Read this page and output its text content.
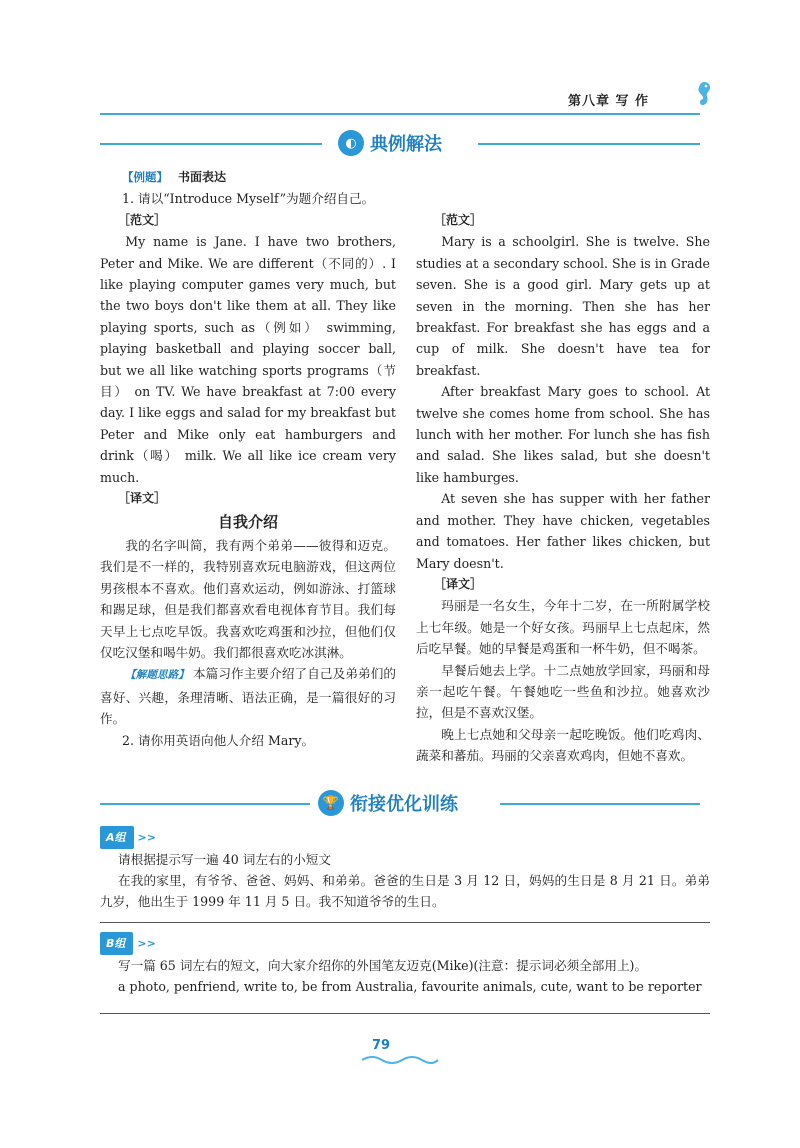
第八章 写 作
◐ 典例解法
【例题】 书面表达
1. 请以“Introduce Myself”为题介绍自己。
［范文］

My name is Jane. I have two brothers, Peter and Mike. We are different（不同的）. I like playing computer games very much, but the two boys don't like them at all. They like playing sports, such as（例如） swimming, playing basketball and playing soccer ball, but we all like watching sports programs（节目） on TV. We have breakfast at 7:00 every day. I like eggs and salad for my breakfast but Peter and Mike only eat hamburgers and drink（喝） milk. We all like ice cream very much.

［译文］
自我介绍

我的名字叫简，我有两个弟弟——彼得和迈克。我们是不一样的，我特别喜欢玩电脑游戏，但这两位男孩根本不喜欢。他们喜欢运动，例如游泳、打篮球和踢足球，但是我们都喜欢看电视体育节目。我们每天早上七点吃早饭。我喜欢吃鸡蛋和沙拉，但他们仅仅吃汉堡和喝牛奶。我们都很喜欢吃冰淇淋。

【解题思路】 本篇习作主要介绍了自己及弟弟们的喜好、兴趣，条理清晰、语法正确，是一篇很好的习作。

2. 请你用英语向他人介绍 Mary。
［范文］

Mary is a schoolgirl. She is twelve. She studies at a secondary school. She is in Grade seven. She is a good girl. Mary gets up at seven in the morning. Then she has her breakfast. For breakfast she has eggs and a cup of milk. She doesn't have tea for breakfast.

After breakfast Mary goes to school. At twelve she comes home from school. She has lunch with her mother. For lunch she has fish and salad. She likes salad, but she doesn't like hamburges.

At seven she has supper with her father and mother. They have chicken, vegetables and tomatoes. Her father likes chicken, but Mary doesn't.

［译文］

玛丽是一名女生，今年十二岁，在一所附属学校上七年级。她是一个好女孩。玛丽早上七点起床，然后吃早餐。她的早餐是鸡蛋和一杯牛奶，但不喝茶。

早餐后她去上学。十二点她放学回家，玛丽和母亲一起吃午餐。午餐她吃一些鱼和沙拉。她喜欢沙拉，但是不喜欢汉堡。

晚上七点她和父母亲一起吃晚饭。他们吃鸡肉、蔬菜和蕃茄。玛丽的父亲喜欢鸡肉，但她不喜欢。

🏆 衔接优化训练
A组 >>
请根据提示写一遍 40 词左右的小短文
在我的家里，有爷爷、爸爸、妈妈、和弟弟。爸爸的生日是 3 月 12 日，妈妈的生日是 8 月 21 日。弟弟九岁，他出生于 1999 年 11 月 5 日。我不知道爷爷的生日。
B组 >>
写一篇 65 词左右的短文，向大家介绍你的外国笔友迈克(Mike)(注意：提示词必须全部用上)。
a photo, penfriend, write to, be from Australia, favourite animals, cute, want to be reporter
79
